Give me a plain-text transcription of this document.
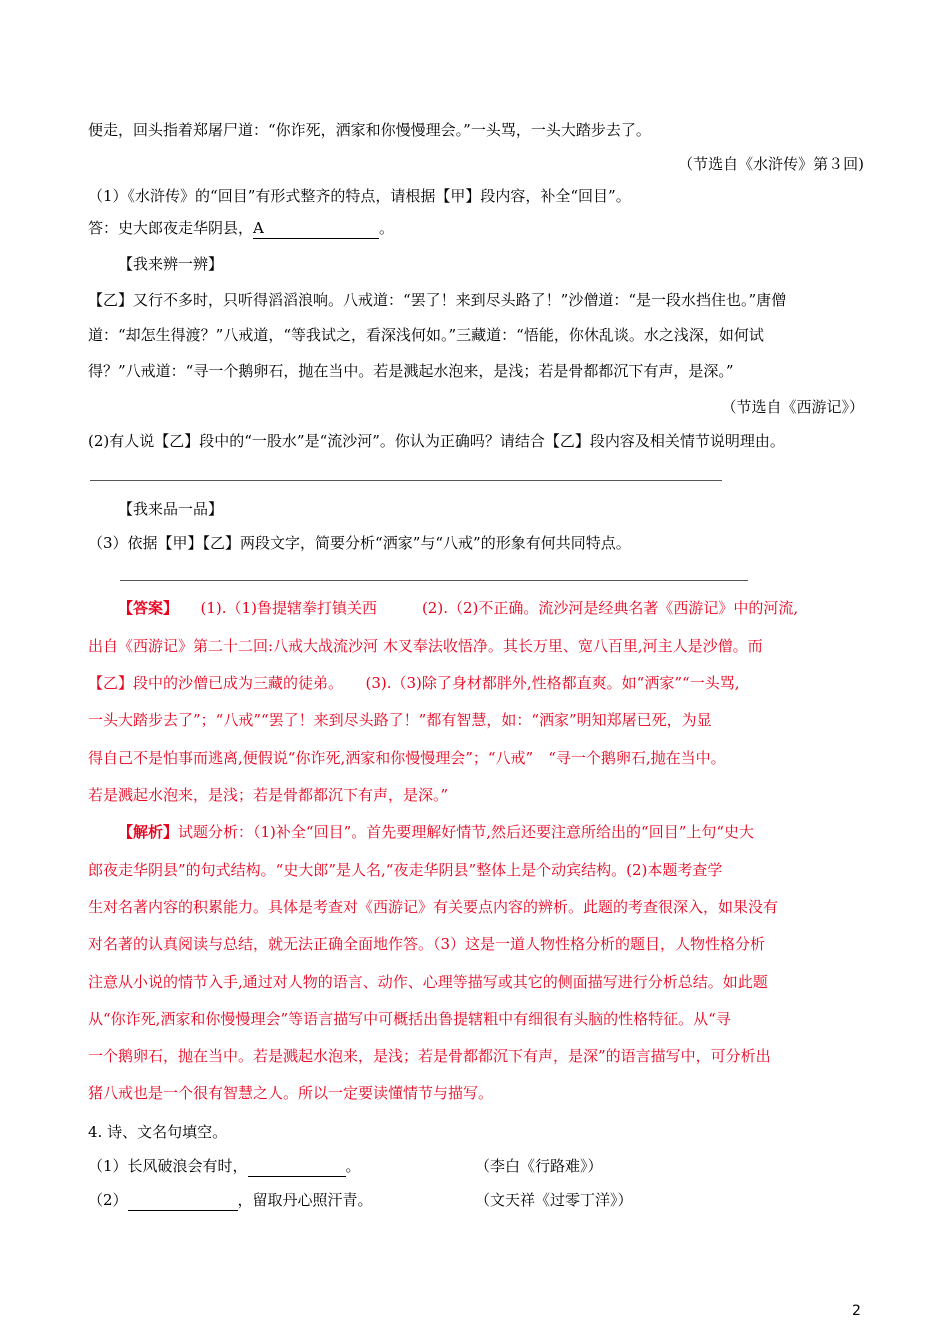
便走，回头指着郑屠尸道：“你诈死，洒家和你慢慢理会。”一头骂，一头大踏步去了。
（节选自《水浒传》第３回)
（1）《水浒传》的“回目”有形式整齐的特点，请根据【甲】段内容，补全“回目”。
答：史大郎夜走华阴县，A	。
【我来辨一辨】
【乙】又行不多时，只听得滔滔浪响。八戒道：“罢了！来到尽头路了！”沙僧道：“是一段水挡住也。”唐僧
道：“却怎生得渡？”八戒道，“等我试之，看深浅何如。”三藏道：“悟能，你休乱谈。水之浅深，如何试
得？”八戒道：“寻一个鹅卵石，抛在当中。若是溅起水泡来，是浅；若是骨都都沉下有声，是深。”
（节选自《西游记》）
(2)有人说【乙】段中的“一股水”是“流沙河”。你认为正确吗？请结合【乙】段内容及相关情节说明理由。
【我来品一品】
（3）依据【甲】【乙】两段文字，简要分析“洒家”与“八戒”的形象有何共同特点。
【答案】　　 (1).（1)鲁提辖拳打镇关西　　　(2).（2)不正确。流沙河是经典名著《西游记》中的河流,
出自《西游记》第二十二回:八戒大战流沙河 木叉奉法收悟净。其长万里、宽八百里,河主人是沙僧。而
【乙】段中的沙僧已成为三藏的徒弟。　　(3).（3)除了身材都胖外,性格都直爽。如“洒家”“一头骂,
一头大踏步去了”；“八戒”“罢了！来到尽头路了！”都有智慧，如：“洒家”明知郑屠已死，为显
得自己不是怕事而逃离,便假说“你诈死,洒家和你慢慢理会”；“八戒”　“寻一个鹅卵石,抛在当中。
若是溅起水泡来，是浅；若是骨都都沉下有声，是深。”
【解析】试题分析：（1)补全“回目”。首先要理解好情节,然后还要注意所给出的“回目”上句“史大
郎夜走华阴县”的句式结构。“史大郎”是人名,“夜走华阴县”整体上是个动宾结构。(2)本题考查学
生对名著内容的积累能力。具体是考查对《西游记》有关要点内容的辨析。此题的考查很深入，如果没有
对名著的认真阅读与总结，就无法正确全面地作答。（3）这是一道人物性格分析的题目，人物性格分析
注意从小说的情节入手,通过对人物的语言、动作、心理等描写或其它的侧面描写进行分析总结。如此题
从“你诈死,洒家和你慢慢理会”等语言描写中可概括出鲁提辖粗中有细很有头脑的性格特征。从“寻
一个鹅卵石，抛在当中。若是溅起水泡来，是浅；若是骨都都沉下有声，是深”的语言描写中，可分析出
猪八戒也是一个很有智慧之人。所以一定要读懂情节与描写。
4. 诗、文名句填空。
（1）长风破浪会有时，	。	（李白《行路难》）
（2）	，留取丹心照汗青。	（文天祥《过零丁洋》）
2
